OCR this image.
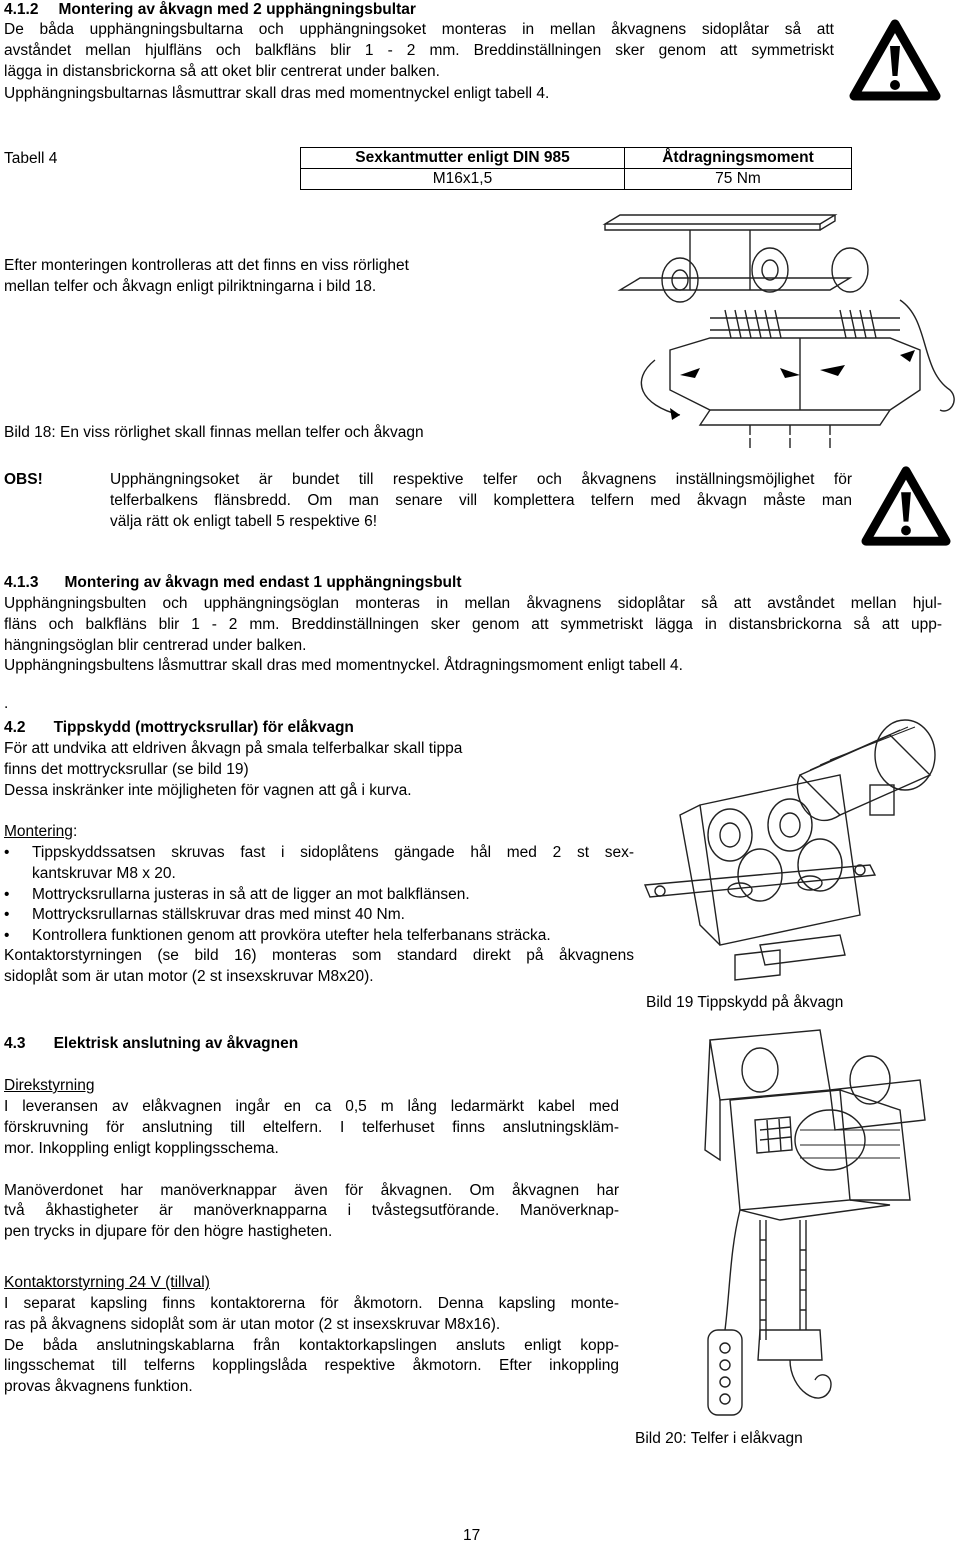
4.1.2 Montering av åkvagn med 2 upphängningsbultar
De båda upphängningsbultarna och upphängningsoket monteras in mellan åkvagnens sidoplåtar så att
avståndet mellan hjulfläns och balkfläns blir 1 - 2 mm. Breddinställningen sker genom att symmetriskt
lägga in distansbrickorna så att oket blir centrerat under balken.
Upphängningsbultarnas låsmuttrar skall dras med momentnyckel enligt tabell 4.
Tabell 4	Sexkantmutter enligt DIN 985	Åtdragningsmoment
M16x1,5	75 Nm
Efter monteringen kontrolleras att det finns en viss rörlighet
mellan telfer och åkvagn enligt pilriktningarna i bild 18.
Bild 18: En viss rörlighet skall finnas mellan telfer och åkvagn
OBS!	Upphängningsoket är bundet till respektive telfer och åkvagnens inställningsmöjlighet för
telferbalkens flänsbredd. Om man senare vill komplettera telfern med åkvagn måste man
välja rätt ok enligt tabell 5 respektive 6!
4.1.3 Montering av åkvagn med endast 1 upphängningsbult
Upphängningsbulten och upphängningsöglan monteras in mellan åkvagnens sidoplåtar så att avståndet mellan hjul-
fläns och balkfläns blir 1 - 2 mm. Breddinställningen sker genom att symmetriskt lägga in distansbrickorna så att upp-
hängningsöglan blir centrerad under balken.
Upphängningsbultens låsmuttrar skall dras med momentnyckel. Åtdragningsmoment enligt tabell 4.
.
4.2 Tippskydd (mottrycksrullar) för elåkvagn
För att undvika att eldriven åkvagn på smala telferbalkar skall tippa
finns det mottrycksrullar (se bild 19)
Dessa inskränker inte möjligheten för vagnen att gå i kurva.
Montering:
• Tippskyddssatsen skruvas fast i sidoplåtens gängade hål med 2 st sex-
kantskruvar M8 x 20.
• Mottrycksrullarna justeras in så att de ligger an mot balkflänsen.
• Mottrycksrullarnas ställskruvar dras med minst 40 Nm.
• Kontrollera funktionen genom att provköra utefter hela telferbanans sträcka.
Kontaktorstyrningen (se bild 16) monteras som standard direkt på åkvagnens
sidoplåt som är utan motor (2 st insexskruvar M8x20).
Bild 19 Tippskydd på åkvagn
4.3 Elektrisk anslutning av åkvagnen
Direkstyrning
I leveransen av elåkvagnen ingår en ca 0,5 m lång ledarmärkt kabel med
förskruvning för anslutning till eltelfern. I telferhuset finns anslutningskläm-
mor. Inkoppling enligt kopplingsschema.
Manöverdonet har manöverknappar även för åkvagnen. Om åkvagnen har
två åkhastigheter är manöverknapparna i tvåstegsutförande. Manöverknap-
pen trycks in djupare för den högre hastigheten.
Kontaktorstyrning 24 V (tillval)
I separat kapsling finns kontaktorerna för åkmotorn. Denna kapsling monte-
ras på åkvagnens sidoplåt som är utan motor (2 st insexskruvar M8x16).
De båda anslutningskablarna från kontaktorkapslingen ansluts enligt kopp-
lingsschemat till telferns kopplingslåda respektive åkmotorn. Efter inkoppling
provas åkvagnens funktion.
Bild 20: Telfer i elåkvagn
17
